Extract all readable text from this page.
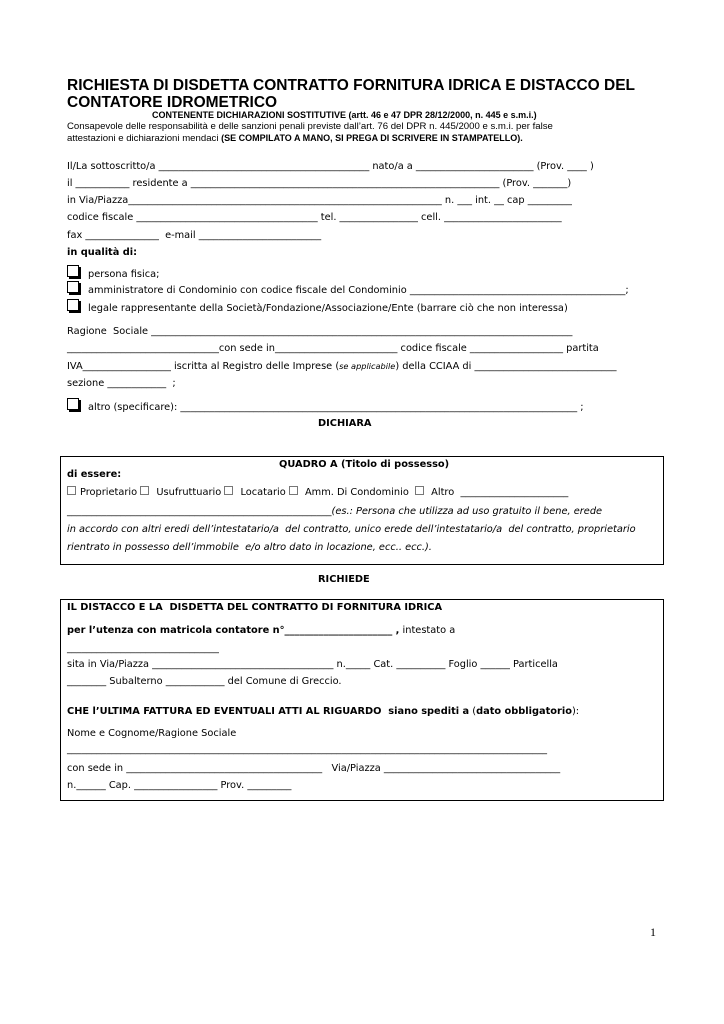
RICHIESTA DI DISDETTA CONTRATTO FORNITURA IDRICA E DISTACCO DEL
CONTATORE IDROMETRICO
CONTENENTE DICHIARAZIONI SOSTITUTIVE (artt. 46 e 47 DPR 28/12/2000, n. 445 e s.m.i.)
Consapevole delle responsabilità e delle sanzioni penali previste dall’art. 76 del DPR n. 445/2000 e s.m.i. per false
attestazioni e dichiarazioni mendaci (SE COMPILATO A MANO, SI PREGA DI SCRIVERE IN STAMPATELLO).
Il/La sottoscritto/a ___________________________________________ nato/a a ________________________ (Prov. ____ )
il ___________ residente a _______________________________________________________________ (Prov. _______)
in Via/Piazza________________________________________________________________ n. ___ int. __ cap _________
codice fiscale _____________________________________ tel. ________________ cell. ________________________
fax _______________  e-mail _________________________
in qualità di:
persona fisica;
amministratore di Condominio con codice fiscale del Condominio ____________________________________________;
legale rappresentante della Società/Fondazione/Associazione/Ente (barrare ciò che non interessa)
Ragione  Sociale ______________________________________________________________________________________
_______________________________con sede in_________________________ codice fiscale ___________________ partita
IVA__________________ iscritta al Registro delle Imprese (se applicabile) della CCIAA di _____________________________
sezione ____________  ;
altro (specificare): _________________________________________________________________________________ ;
DICHIARA
QUADRO A (Titolo di possesso)
di essere:
Proprietario Usufruttuario Locatario Amm. Di Condominio Altro ______________________
______________________________________________________(es.: Persona che utilizza ad uso gratuito il bene, erede
in accordo con altri eredi dell’intestatario/a  del contratto, unico erede dell’intestatario/a  del contratto, proprietario
rientrato in possesso dell’immobile  e/o altro dato in locazione, ecc.. ecc.).
RICHIEDE
IL DISTACCO E LA  DISDETTA DEL CONTRATTO DI FORNITURA IDRICA
per l’utenza con matricola contatore n°______________________ , intestato a
_______________________________
sita in Via/Piazza _____________________________________ n._____ Cat. __________ Foglio ______ Particella
________ Subalterno ____________ del Comune di Greccio.
CHE l’ULTIMA FATTURA ED EVENTUALI ATTI AL RIGUARDO  siano spediti a (dato obbligatorio):
Nome e Cognome/Ragione Sociale
__________________________________________________________________________________________________
con sede in ________________________________________   Via/Piazza ____________________________________
n.______ Cap. _________________ Prov. _________
1
